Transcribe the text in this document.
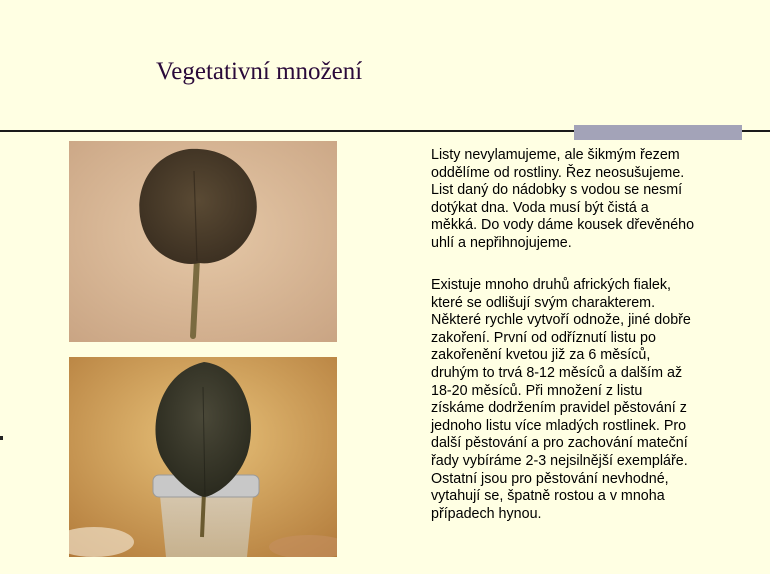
Vegetativní množení
Listy nevylamujeme, ale šikmým řezem
oddělíme od rostliny. Řez neosušujeme.
List daný do nádobky s vodou se nesmí
dotýkat dna. Voda musí být čistá a
měkká. Do vody dáme kousek dřevěného
uhlí a nepřihnojujeme.
Existuje mnoho druhů afrických fialek,
které se odlišují svým charakterem.
Některé rychle vytvoří odnože, jiné dobře
zakoření. První od odříznutí listu po
zakořenění kvetou již za 6 měsíců,
druhým to trvá 8-12 měsíců a dalším až
18-20 měsíců. Při množení z listu
získáme dodržením pravidel pěstování z
jednoho listu více mladých rostlinek. Pro
další pěstování a pro zachování mateční
řady vybíráme 2-3 nejsilnější exempláře.
Ostatní jsou pro pěstování nevhodné,
vytahují se, špatně rostou a v mnoha
případech hynou.
